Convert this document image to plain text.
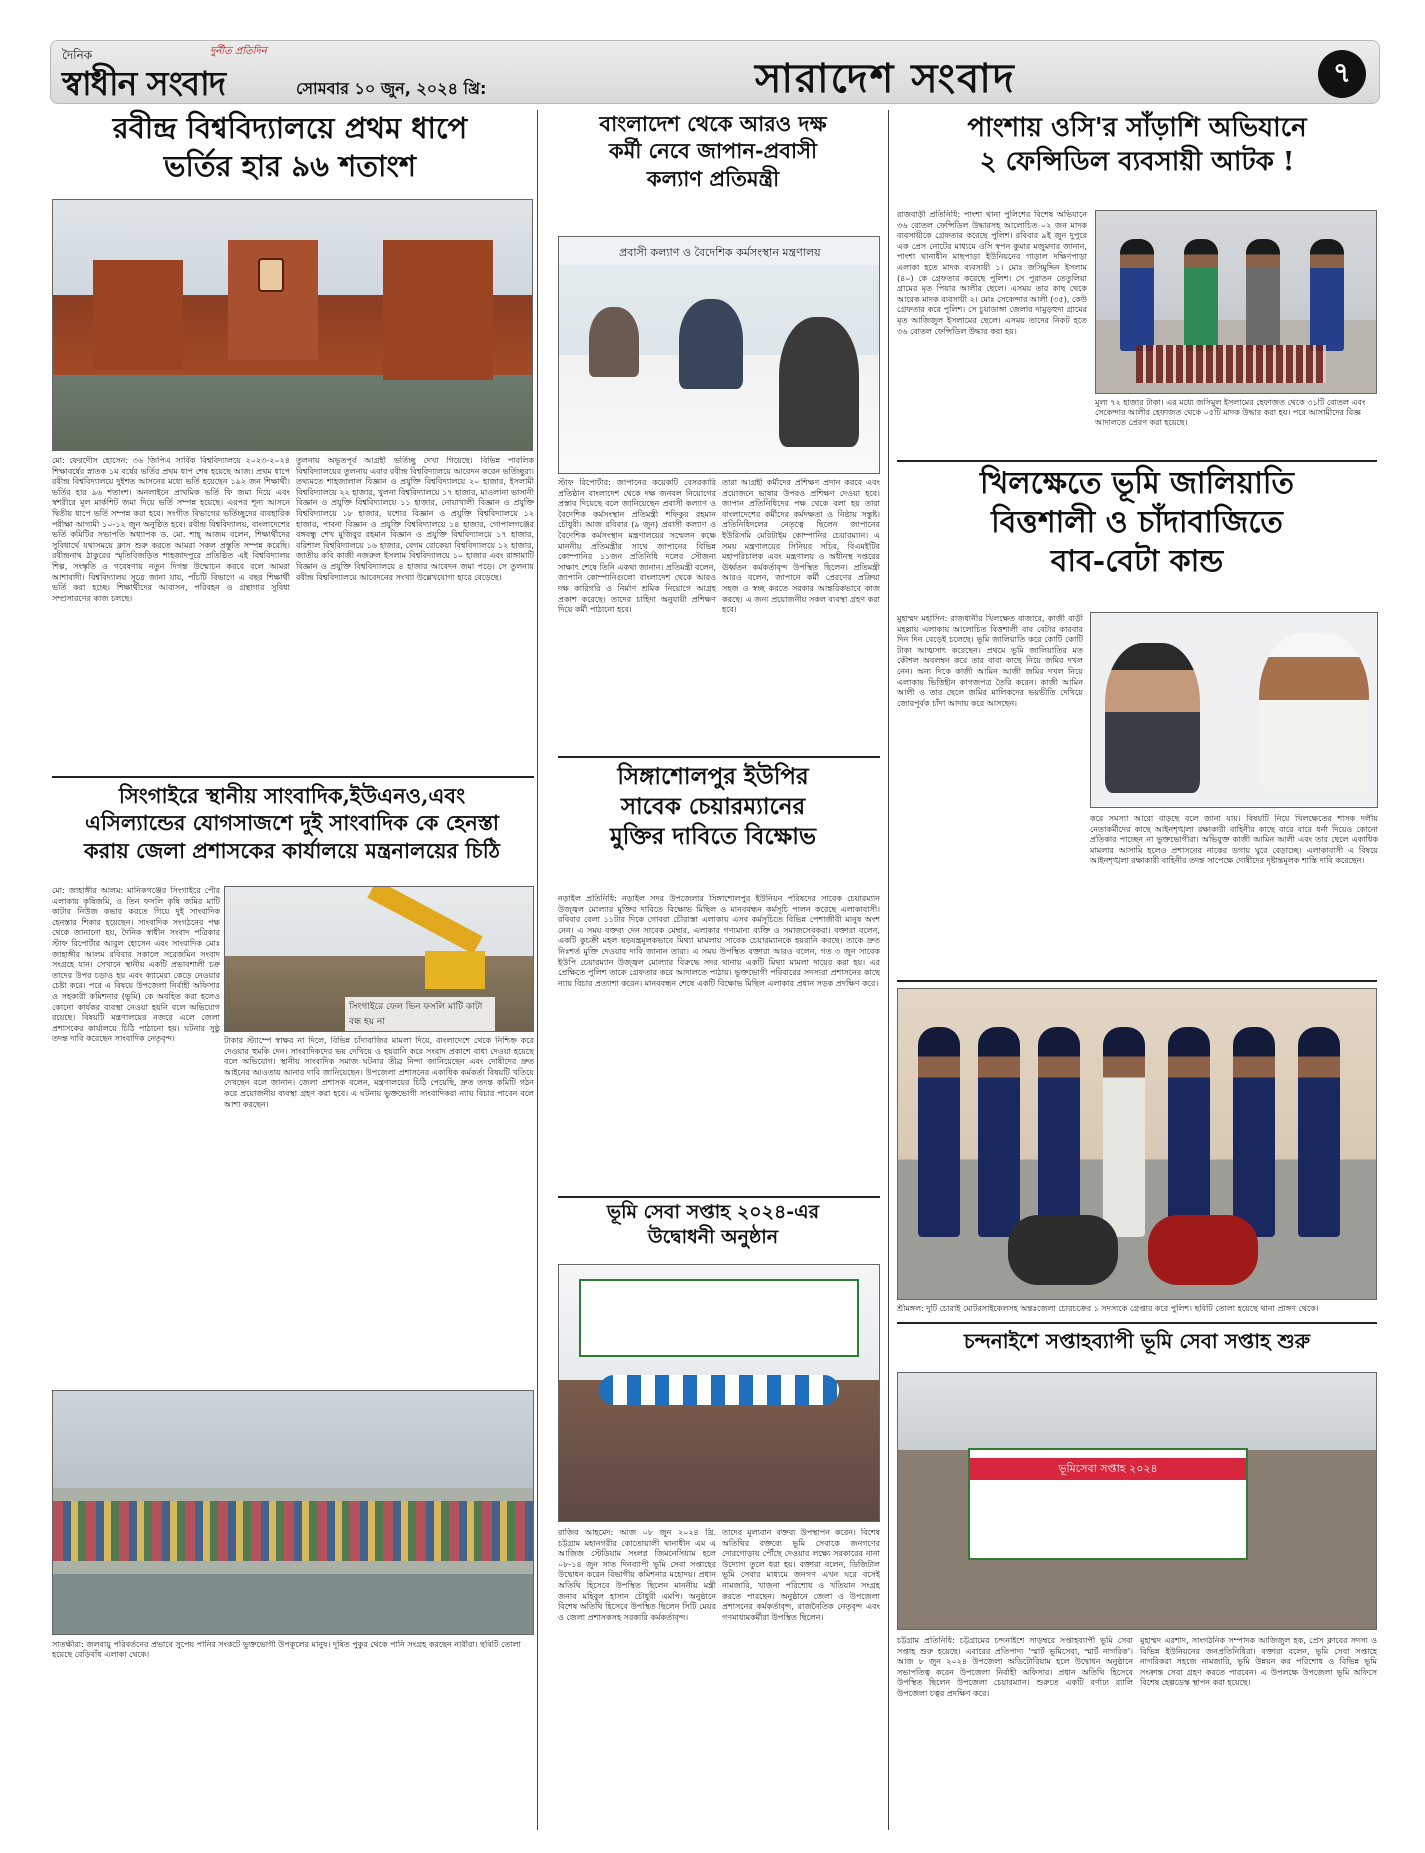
দৈনিক	দুর্নীত প্রতিদিন
স্বাধীন সংবাদ	সোমবার ১০ জুন, ২০২৪ খ্রি:	সারাদেশ সংবাদ	৭
রবীন্দ্র বিশ্ববিদ্যালয়ে প্রথম ধাপে
ভর্তির হার ৯৬ শতাংশ
মো: ফেরদৌস হোসেন: ৩৬ জিপিএ সার্বিক বিশ্ববিদ্যালয়ে ২০২৩-২০২৪ শিক্ষাবর্ষের স্নাতক ১ম বর্ষের ভর্তির প্রথম ধাপ শেষ হয়েছে আজ। প্রথম ধাপে রবীন্দ্র বিশ্ববিদ্যালয়ে দুইশত আসনের মধ্যে ভর্তি হয়েছেন ১৯২ জন শিক্ষার্থী। ভর্তির হার ৯৬ শতাংশ। অনলাইনে প্রাথমিক ভর্তি ফি জমা দিয়ে এবং স্বশরীরে মূল মার্কশিট জমা দিয়ে ভর্তি সম্পন্ন হয়েছে। এরপর শূন্য আসনে দ্বিতীয় ধাপে ভর্তি সম্পন্ন করা হবে। সংগীত বিভাগের ভর্তিচ্ছুদের ব্যবহারিক পরীক্ষা আগামী ১০-১২ জুন অনুষ্ঠিত হবে। রবীন্দ্র বিশ্ববিদ্যালয়, বাংলাদেশের ভর্তি কমিটির সভাপতি অধ্যাপক ড. মো. শাহ্ আজম বলেন, শিক্ষার্থীদের সুবিধার্থে যথাসময়ে ক্লাস শুরু করতে আমরা সকল প্রস্তুতি সম্পন্ন করেছি। রবীন্দ্রনাথ ঠাকুরের স্মৃতিবিজড়িত শাহজাদপুরে প্রতিষ্ঠিত এই বিশ্ববিদ্যালয় শিল্প, সংস্কৃতি ও গবেষণায় নতুন দিগন্ত উন্মোচন করবে বলে আমরা আশাবাদী। বিশ্ববিদ্যালয় সূত্রে জানা যায়, পাঁচটি বিভাগে এ বছর শিক্ষার্থী ভর্তি করা হচ্ছে। শিক্ষার্থীদের আবাসন, পরিবহন ও গ্রন্থাগার সুবিধা সম্প্রসারণের কাজ চলছে।
তুলনায় অভূতপূর্ব আগ্রহী ভর্তিচ্ছু দেখা গিয়েছে। বিভিন্ন পাবলিক বিশ্ববিদ্যালয়ের তুলনায় এবার রবীন্দ্র বিশ্ববিদ্যালয়ে আবেদন করেন ভর্তিচ্ছুরা। তথ্যমতে শাহজালাল বিজ্ঞান ও প্রযুক্তি বিশ্ববিদ্যালয়ে ২০ হাজার, ইসলামী বিশ্ববিদ্যালয়ে ২২ হাজার, খুলনা বিশ্ববিদ্যালয়ে ১৭ হাজার, মাওলানা ভাসানী বিজ্ঞান ও প্রযুক্তি বিশ্ববিদ্যালয়ে ১১ হাজার, নোয়াখালী বিজ্ঞান ও প্রযুক্তি বিশ্ববিদ্যালয়ে ১৮ হাজার, যশোর বিজ্ঞান ও প্রযুক্তি বিশ্ববিদ্যালয়ে ১২ হাজার, পাবনা বিজ্ঞান ও প্রযুক্তি বিশ্ববিদ্যালয়ে ১৪ হাজার, গোপালগঞ্জের বঙ্গবন্ধু শেখ মুজিবুর রহমান বিজ্ঞান ও প্রযুক্তি বিশ্ববিদ্যালয়ে ১৭ হাজার, বরিশাল বিশ্ববিদ্যালয়ে ১৬ হাজার, বেগম রোকেয়া বিশ্ববিদ্যালয়ে ১২ হাজার, জাতীয় কবি কাজী নজরুল ইসলাম বিশ্ববিদ্যালয়ে ১০ হাজার এবং রাঙ্গামাটি বিজ্ঞান ও প্রযুক্তি বিশ্ববিদ্যালয়ে ৪ হাজার আবেদন জমা পড়ে। সে তুলনায় রবীন্দ্র বিশ্ববিদ্যালয়ে আবেদনের সংখ্যা উল্লেখযোগ্য হারে বেড়েছে।
সিংগাইরে স্থানীয় সাংবাদিক,ইউএনও,এবং
এসিল্যান্ডের যোগসাজশে দুই সাংবাদিক কে হেনস্তা
করায় জেলা প্রশাসকের কার্যালয়ে মন্ত্রনালয়ের চিঠি
সিংগাইরে ফেল ভিন ফসলি মাটি কাটা বন্ধ হয় না
মো: জাহাঙ্গীর আলম: মানিকগঞ্জের সিংগাইরে পৌর এলাকায় কৃষিজমি, ও তিন ফসলি কৃষি জমির মাটি কাটার নিউজ কভার করতে গিয়ে দুই সাংবাদিক হেনস্তার শিকার হয়েছেন। সাংবাদিক সংগঠনের পক্ষ থেকে জানানো হয়, দৈনিক স্বাধীন সংবাদ পত্রিকার স্টাফ রিপোর্টার আবুল হোসেন এবং সাংবাদিক মোঃ জাহাঙ্গীর আলম রবিবার সকালে সরেজমিন সংবাদ সংগ্রহে যান। সেখানে স্থানীয় একটি প্রভাবশালী চক্র তাদের উপর চড়াও হয় এবং ক্যামেরা কেড়ে নেওয়ার চেষ্টা করে। পরে এ বিষয়ে উপজেলা নির্বাহী অফিসার ও সহকারী কমিশনার (ভূমি) কে অবহিত করা হলেও কোনো কার্যকর ব্যবস্থা নেওয়া হয়নি বলে অভিযোগ রয়েছে। বিষয়টি মন্ত্রণালয়ের নজরে এলে জেলা প্রশাসকের কার্যালয়ে চিঠি পাঠানো হয়। ঘটনার সুষ্ঠু তদন্ত দাবি করেছেন সাংবাদিক নেতৃবৃন্দ।	টাকার স্ট্যাম্পে স্বাক্ষর না দিলে, বিভিন্ন চাঁদাবাজির মামলা দিয়ে, বাংলাদেশে থেকে নিশ্চিহ্ন করে দেওয়ার হুমকি দেন। সাংবাদিকদের ভয় দেখিয়ে ও হয়রানি করে সংবাদ প্রকাশে বাধা দেওয়া হয়েছে বলে অভিযোগ। স্থানীয় সাংবাদিক সমাজ ঘটনার তীব্র নিন্দা জানিয়েছেন এবং দোষীদের দ্রুত আইনের আওতায় আনার দাবি জানিয়েছেন। উপজেলা প্রশাসনের একাধিক কর্মকর্তা বিষয়টি খতিয়ে দেখছেন বলে জানান। জেলা প্রশাসক বলেন, মন্ত্রণালয়ের চিঠি পেয়েছি, দ্রুত তদন্ত কমিটি গঠন করে প্রয়োজনীয় ব্যবস্থা গ্রহণ করা হবে। এ ঘটনায় ভুক্তভোগী সাংবাদিকরা ন্যায় বিচার পাবেন বলে আশা করছেন।
সাতক্ষীরা: জলবায়ু পরিবর্তনের প্রভাবে সুপেয় পানির সংকটে ভুক্তভোগী উপকূলের মানুষ। দূষিত পুকুর থেকে পানি সংগ্রহ করছেন নারীরা। ছবিটি তোলা হয়েছে বেড়িবাঁধ এলাকা থেকে।
বাংলাদেশ থেকে আরও দক্ষ
কর্মী নেবে জাপান-প্রবাসী
কল্যাণ প্রতিমন্ত্রী
প্রবাসী কল্যাণ ও বৈদেশিক কর্মসংস্থান মন্ত্রণালয়
স্টাফ রিপোর্টার: জাপানের কয়েকটি বেসরকারি প্রতিষ্ঠান বাংলাদেশ থেকে দক্ষ জনবল নিয়োগের প্রস্তাব দিয়েছে বলে জানিয়েছেন প্রবাসী কল্যাণ ও বৈদেশিক কর্মসংস্থান প্রতিমন্ত্রী শফিকুর রহমান চৌধুরী। আজ রবিবার (৯ জুন) প্রবাসী কল্যাণ ও বৈদেশিক কর্মসংস্থান মন্ত্রণালয়ের সম্মেলন কক্ষে মাননীয় প্রতিমন্ত্রীর সাথে জাপানের বিভিন্ন কোম্পানির ১১জন প্রতিনিধি দলের সৌজন্য সাক্ষাৎ শেষে তিনি একথা জানান। প্রতিমন্ত্রী বলেন, জাপানি কোম্পানিগুলো বাংলাদেশ থেকে আরও দক্ষ কারিগরি ও নির্মাণ শ্রমিক নিয়োগে আগ্রহ প্রকাশ করেছে। তাদের চাহিদা অনুযায়ী প্রশিক্ষণ দিয়ে কর্মী পাঠানো হবে।
তারা আগ্রহী কর্মীদের প্রশিক্ষণ প্রদান করবে এবং প্রয়োজনে ভাষার উপরও প্রশিক্ষণ দেওয়া হবে। জাপান প্রতিনিধিদের পক্ষ থেকে বলা হয় তারা বাংলাদেশের কর্মীদের কর্মদক্ষতা ও নিষ্ঠায় সন্তুষ্ট। প্রতিনিধিদলের নেতৃত্বে ছিলেন জাপানের ইউরিসমি মেরিটাইম কোম্পানির চেয়ারম্যান। এ সময় মন্ত্রণালয়ের সিনিয়র সচিব, বিএমইটির মহাপরিচালক এবং মন্ত্রণালয় ও অধীনস্থ দপ্তরের ঊর্ধ্বতন কর্মকর্তাবৃন্দ উপস্থিত ছিলেন। প্রতিমন্ত্রী আরও বলেন, জাপানে কর্মী প্রেরণের প্রক্রিয়া সহজ ও স্বচ্ছ করতে সরকার আন্তরিকভাবে কাজ করছে। এ জন্য প্রয়োজনীয় সকল ব্যবস্থা গ্রহণ করা হবে।
সিঙ্গাশোলপুর ইউপির
সাবেক চেয়ারম্যানের
মুক্তির দাবিতে বিক্ষোভ
নড়াইল প্রতিনিধি: নড়াইল সদর উপজেলার সিঙ্গাশোলপুর ইউনিয়ন পরিষদের সাবেক চেয়ারম্যান উজ্জ্বল মোল্যার মুক্তির দাবিতে বিক্ষোভ মিছিল ও মানববন্ধন কর্মসূচি পালন করেছে এলাকাবাসী। রবিবার বেলা ১১টার দিকে গোবরা চৌরাস্তা এলাকায় এসব কর্মসূচিতে বিভিন্ন পেশাজীবী মানুষ অংশ নেন। এ সময় বক্তব্য দেন সাবেক মেম্বার, এলাকার গণ্যমান্য ব্যক্তি ও সমাজসেবকরা। বক্তারা বলেন, একটি কুচক্রী মহল ষড়যন্ত্রমূলকভাবে মিথ্যা মামলায় সাবেক চেয়ারম্যানকে হয়রানি করছে। তাকে দ্রুত নিঃশর্ত মুক্তি দেওয়ার দাবি জানান তারা। এ সময় উপস্থিত বক্তারা আরও বলেন, গত ৩ জুন সাবেক ইউপি চেয়ারম্যান উজ্জ্বল মোল্যার বিরুদ্ধে সদর থানায় একটি মিথ্যা মামলা দায়ের করা হয়। এর প্রেক্ষিতে পুলিশ তাকে গ্রেফতার করে আদালতে পাঠায়। ভুক্তভোগী পরিবারের সদস্যরা প্রশাসনের কাছে ন্যায় বিচার প্রত্যাশা করেন। মানববন্ধন শেষে একটি বিক্ষোভ মিছিল এলাকার প্রধান সড়ক প্রদক্ষিণ করে।
ভূমি সেবা সপ্তাহ ২০২৪-এর
উদ্বোধনী অনুষ্ঠান
রাজিব আহমেদ: আজ ০৮ জুন ২০২৪ খ্রি. চট্টগ্রাম মহানগরীর কোতোয়ালী থানাধীন এম এ আজিজ স্টেডিয়াম সংলগ্ন জিমনেসিয়াম হলে ০৮-১৪ জুন সাত দিনব্যাপী ভূমি সেবা সপ্তাহের উদ্বোধন করেন বিভাগীয় কমিশনার মহোদয়। প্রধান অতিথি হিসেবে উপস্থিত ছিলেন মাননীয় মন্ত্রী জনাব মহিবুল হাসান চৌধুরী এমপি। অনুষ্ঠানে বিশেষ অতিথি হিসেবে উপস্থিত ছিলেন সিটি মেয়র ও জেলা প্রশাসকসহ সরকারি কর্মকর্তাবৃন্দ।
তাদের মূল্যবান বক্তব্য উপস্থাপন করেন। বিশেষ অতিথির বক্তব্যে ভূমি সেবাকে জনগণের দোরগোড়ায় পৌঁছে দেওয়ার লক্ষ্যে সরকারের নানা উদ্যোগ তুলে ধরা হয়। বক্তারা বলেন, ডিজিটাল ভূমি সেবার মাধ্যমে জনগণ এখন ঘরে বসেই নামজারি, খাজনা পরিশোধ ও খতিয়ান সংগ্রহ করতে পারছেন। অনুষ্ঠানে জেলা ও উপজেলা প্রশাসনের কর্মকর্তাবৃন্দ, রাজনৈতিক নেতৃবৃন্দ এবং গণমাধ্যমকর্মীরা উপস্থিত ছিলেন।
পাংশায় ওসি'র সাঁড়াশি অভিযানে
২ ফেন্সিডিল ব্যবসায়ী আটক !
রাজবাড়ী প্রতিনিধি: পাংশা থানা পুলিশের বিশেষ অভিযানে ৩৬ বোতল ফেন্সিডিল উদ্ধারসহ আলোচিত ০২ জন মাদক ব্যবসায়ীকে গ্রেফতার করেছে পুলিশ। রবিবার ৯ই জুন দুপুরে এক প্রেস নোটের মাধ্যমে ওসি স্বপন কুমার মজুমদার জানান, পাংশা থানাধীন মাছপাড়া ইউনিয়নের গাড়াল দক্ষিণপাড়া এলাকা হতে মাদক ব্যবসায়ী ১। মোঃ জসিমুদ্দিন ইসলাম (৪০) কে গ্রেফতার করেছে পুলিশ। সে পুরাতন তেতুলিয়া গ্রামের মৃত পিয়ার আলীর ছেলে। এসময় তার কাছ থেকে আরেক মাদক ব্যবসায়ী ২। মোঃ সেকেন্দার আলী (৩৫), কেউ গ্রেফতার করে পুলিশ। সে চুয়াডাঙ্গা জেলার দামুড়হুদা গ্রামের মৃত আজিজুল ইসলামের ছেলে। এসময় তাদের নিকট হতে ৩৬ বোতল ফেন্সিডিল উদ্ধার করা হয়।
মূল্য ৭২ হাজার টাকা। এর মধ্যে জসিমুল ইসলামের হেফাজত থেকে ৩১টি বোতল এবং সেকেন্দার আলীর হেফাজত থেকে ০৫টি মাদক উদ্ধার করা হয়। পরে আসামীদের বিজ্ঞ আদালতে প্রেরণ করা হয়েছে।
খিলক্ষেতে ভূমি জালিয়াতি
বিত্তশালী ও চাঁদাবাজিতে
বাব-বেটা কান্ড
মুহাম্মদ মহাসিন: রাজধানীর খিলক্ষেত বাজারে, কাজী বাড়ী মহল্লায় এলাকায় আলোচিত বিত্তশালী বাব বেটার কারবার দিন দিন বেড়েই চলেছে। ভূমি জালিয়াতি করে কোটি কোটি টাকা আত্মসাৎ করেছেন। প্রথমে ভূমি জালিয়াতির মত কৌশল অবলম্বন করে তার বাবা কাছে নিয়ে জমির দখল নেন। অন্য দিকে কাজী আমিন আজী জমির দখল নিয়ে এলাকায় ভিত্তিহীন কাগজপত্র তৈরি করেন। কাজী আমিন আলী ও তার ছেলে জমির মালিকদের ভয়ভীতি দেখিয়ে জোরপূর্বক চাঁদা আদায় করে আসছেন।
করে সমস্যা আরো বাড়ছে বলে জানা যায়। বিষয়টি নিয়ে খিলক্ষেতের শাসক দলীয় নেতাকর্মীদের কাছে আইনশৃঙ্খলা রক্ষাকারী বাহিনীর কাছে বারে বারে ধর্না দিয়েও কোনো প্রতিকার পাচ্ছেন না ভুক্তভোগীরা। অভিযুক্ত কাজী আমিন আলী এবং তার ছেলে একাধিক মামলার আসামি হলেও প্রশাসনের নাকের ডগায় ঘুরে বেড়াচ্ছে। এলাকাবাসী এ বিষয়ে আইনশৃঙ্খলা রক্ষাকারী বাহিনীর তদন্ত সাপেক্ষে দোষীদের দৃষ্টান্তমূলক শাস্তি দাবি করেছেন।
শ্রীমঙ্গল: দুটি চোরাই মোটরসাইকেলসহ অন্তঃজেলা চোরচক্রের ১ সদস্যকে গ্রেপ্তার করে পুলিশ। ছবিটি তোলা হয়েছে থানা প্রাঙ্গণ থেকে।
চন্দনাইশে সপ্তাহব্যাপী ভূমি সেবা সপ্তাহ শুরু
ভূমিসেবা সপ্তাহ ২০২৪
চট্টগ্রাম প্রতিনিধি: চট্টগ্রামের চন্দনাইশে সাড়ম্বরে সপ্তাহব্যাপী ভূমি সেবা সপ্তাহ শুরু হয়েছে। এবারের প্রতিপাদ্য ‘স্মার্ট ভূমিসেবা, স্মার্ট নাগরিক’। আজ ৮ জুন ২০২৪ উপজেলা অডিটোরিয়াম হলে উদ্বোধন অনুষ্ঠানে সভাপতিত্ব করেন উপজেলা নির্বাহী অফিসার। প্রধান অতিথি হিসেবে উপস্থিত ছিলেন উপজেলা চেয়ারম্যান। শুরুতে একটি বর্ণাঢ্য র‍্যালি উপজেলা চত্বর প্রদক্ষিণ করে।
মুহাম্মদ এরশাদ, সাংগঠনিক সম্পাদক আজিজুল হক, প্রেস ক্লাবের সদস্য ও বিভিন্ন ইউনিয়নের জনপ্রতিনিধিরা। বক্তারা বলেন, ভূমি সেবা সপ্তাহে নাগরিকরা সহজে নামজারি, ভূমি উন্নয়ন কর পরিশোধ ও বিভিন্ন ভূমি সংক্রান্ত সেবা গ্রহণ করতে পারবেন। এ উপলক্ষে উপজেলা ভূমি অফিসে বিশেষ হেল্পডেস্ক স্থাপন করা হয়েছে।
